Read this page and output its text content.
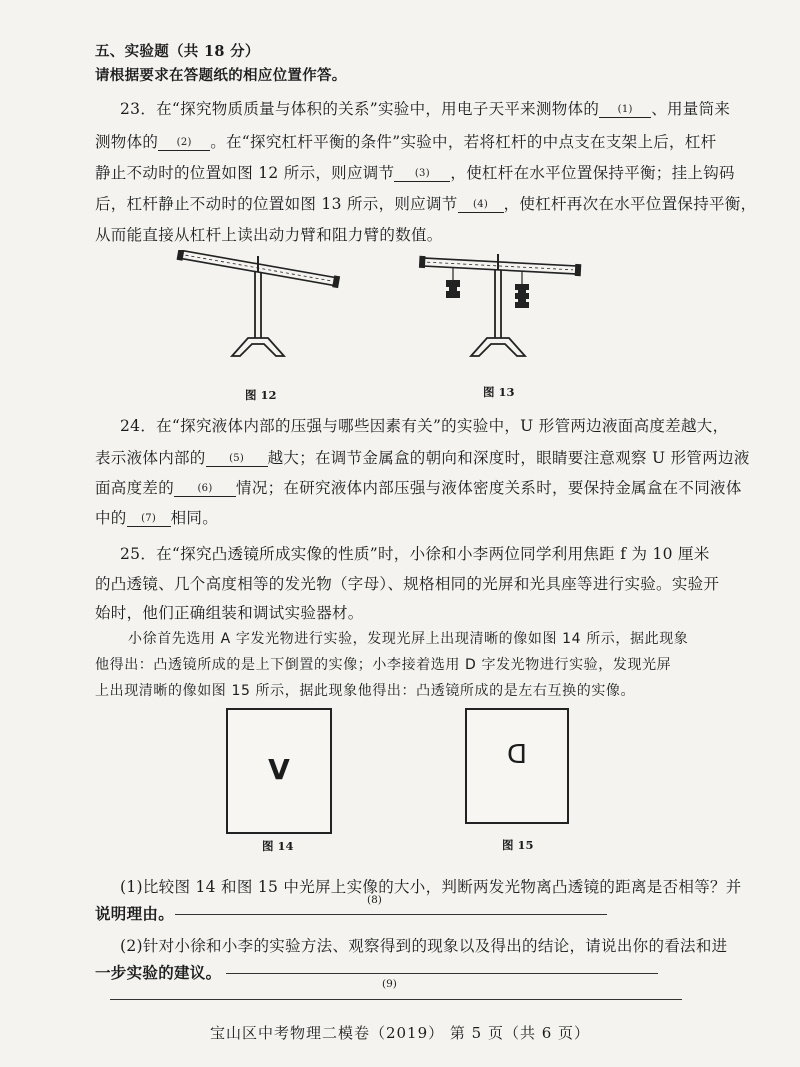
五、实验题（共 18 分）
请根据要求在答题纸的相应位置作答。
23．在“探究物质质量与体积的关系”实验中，用电子天平来测物体的 (1) 、用量筒来
测物体的 (2) 。在“探究杠杆平衡的条件”实验中，若将杠杆的中点支在支架上后，杠杆
静止不动时的位置如图 12 所示，则应调节 (3) ，使杠杆在水平位置保持平衡；挂上钩码
后，杠杆静止不动时的位置如图 13 所示，则应调节 (4) ，使杠杆再次在水平位置保持平衡，
从而能直接从杠杆上读出动力臂和阻力臂的数值。
图 12	图 13
24．在“探究液体内部的压强与哪些因素有关”的实验中，U 形管两边液面高度差越大，
表示液体内部的 (5) 越大；在调节金属盒的朝向和深度时，眼睛要注意观察 U 形管两边液
面高度差的 (6) 情况；在研究液体内部压强与液体密度关系时，要保持金属盒在不同液体
中的 (7) 相同。
25．在“探究凸透镜所成实像的性质”时，小徐和小李两位同学利用焦距 f 为 10 厘米
的凸透镜、几个高度相等的发光物（字母）、规格相同的光屏和光具座等进行实验。实验开
始时，他们正确组装和调试实验器材。
小徐首先选用 A 字发光物进行实验，发现光屏上出现清晰的像如图 14 所示，据此现象
他得出：凸透镜所成的是上下倒置的实像；小李接着选用 D 字发光物进行实验，发现光屏
上出现清晰的像如图 15 所示，据此现象他得出：凸透镜所成的是左右互换的实像。
V
图 14
D
图 15
(1)比较图 14 和图 15 中光屏上实像的大小，判断两发光物离凸透镜的距离是否相等？并
(8)
说明理由。
(2)针对小徐和小李的实验方法、观察得到的现象以及得出的结论，请说出你的看法和进
一步实验的建议。
(9)
宝山区中考物理二模卷（2019） 第 5 页（共 6 页）
